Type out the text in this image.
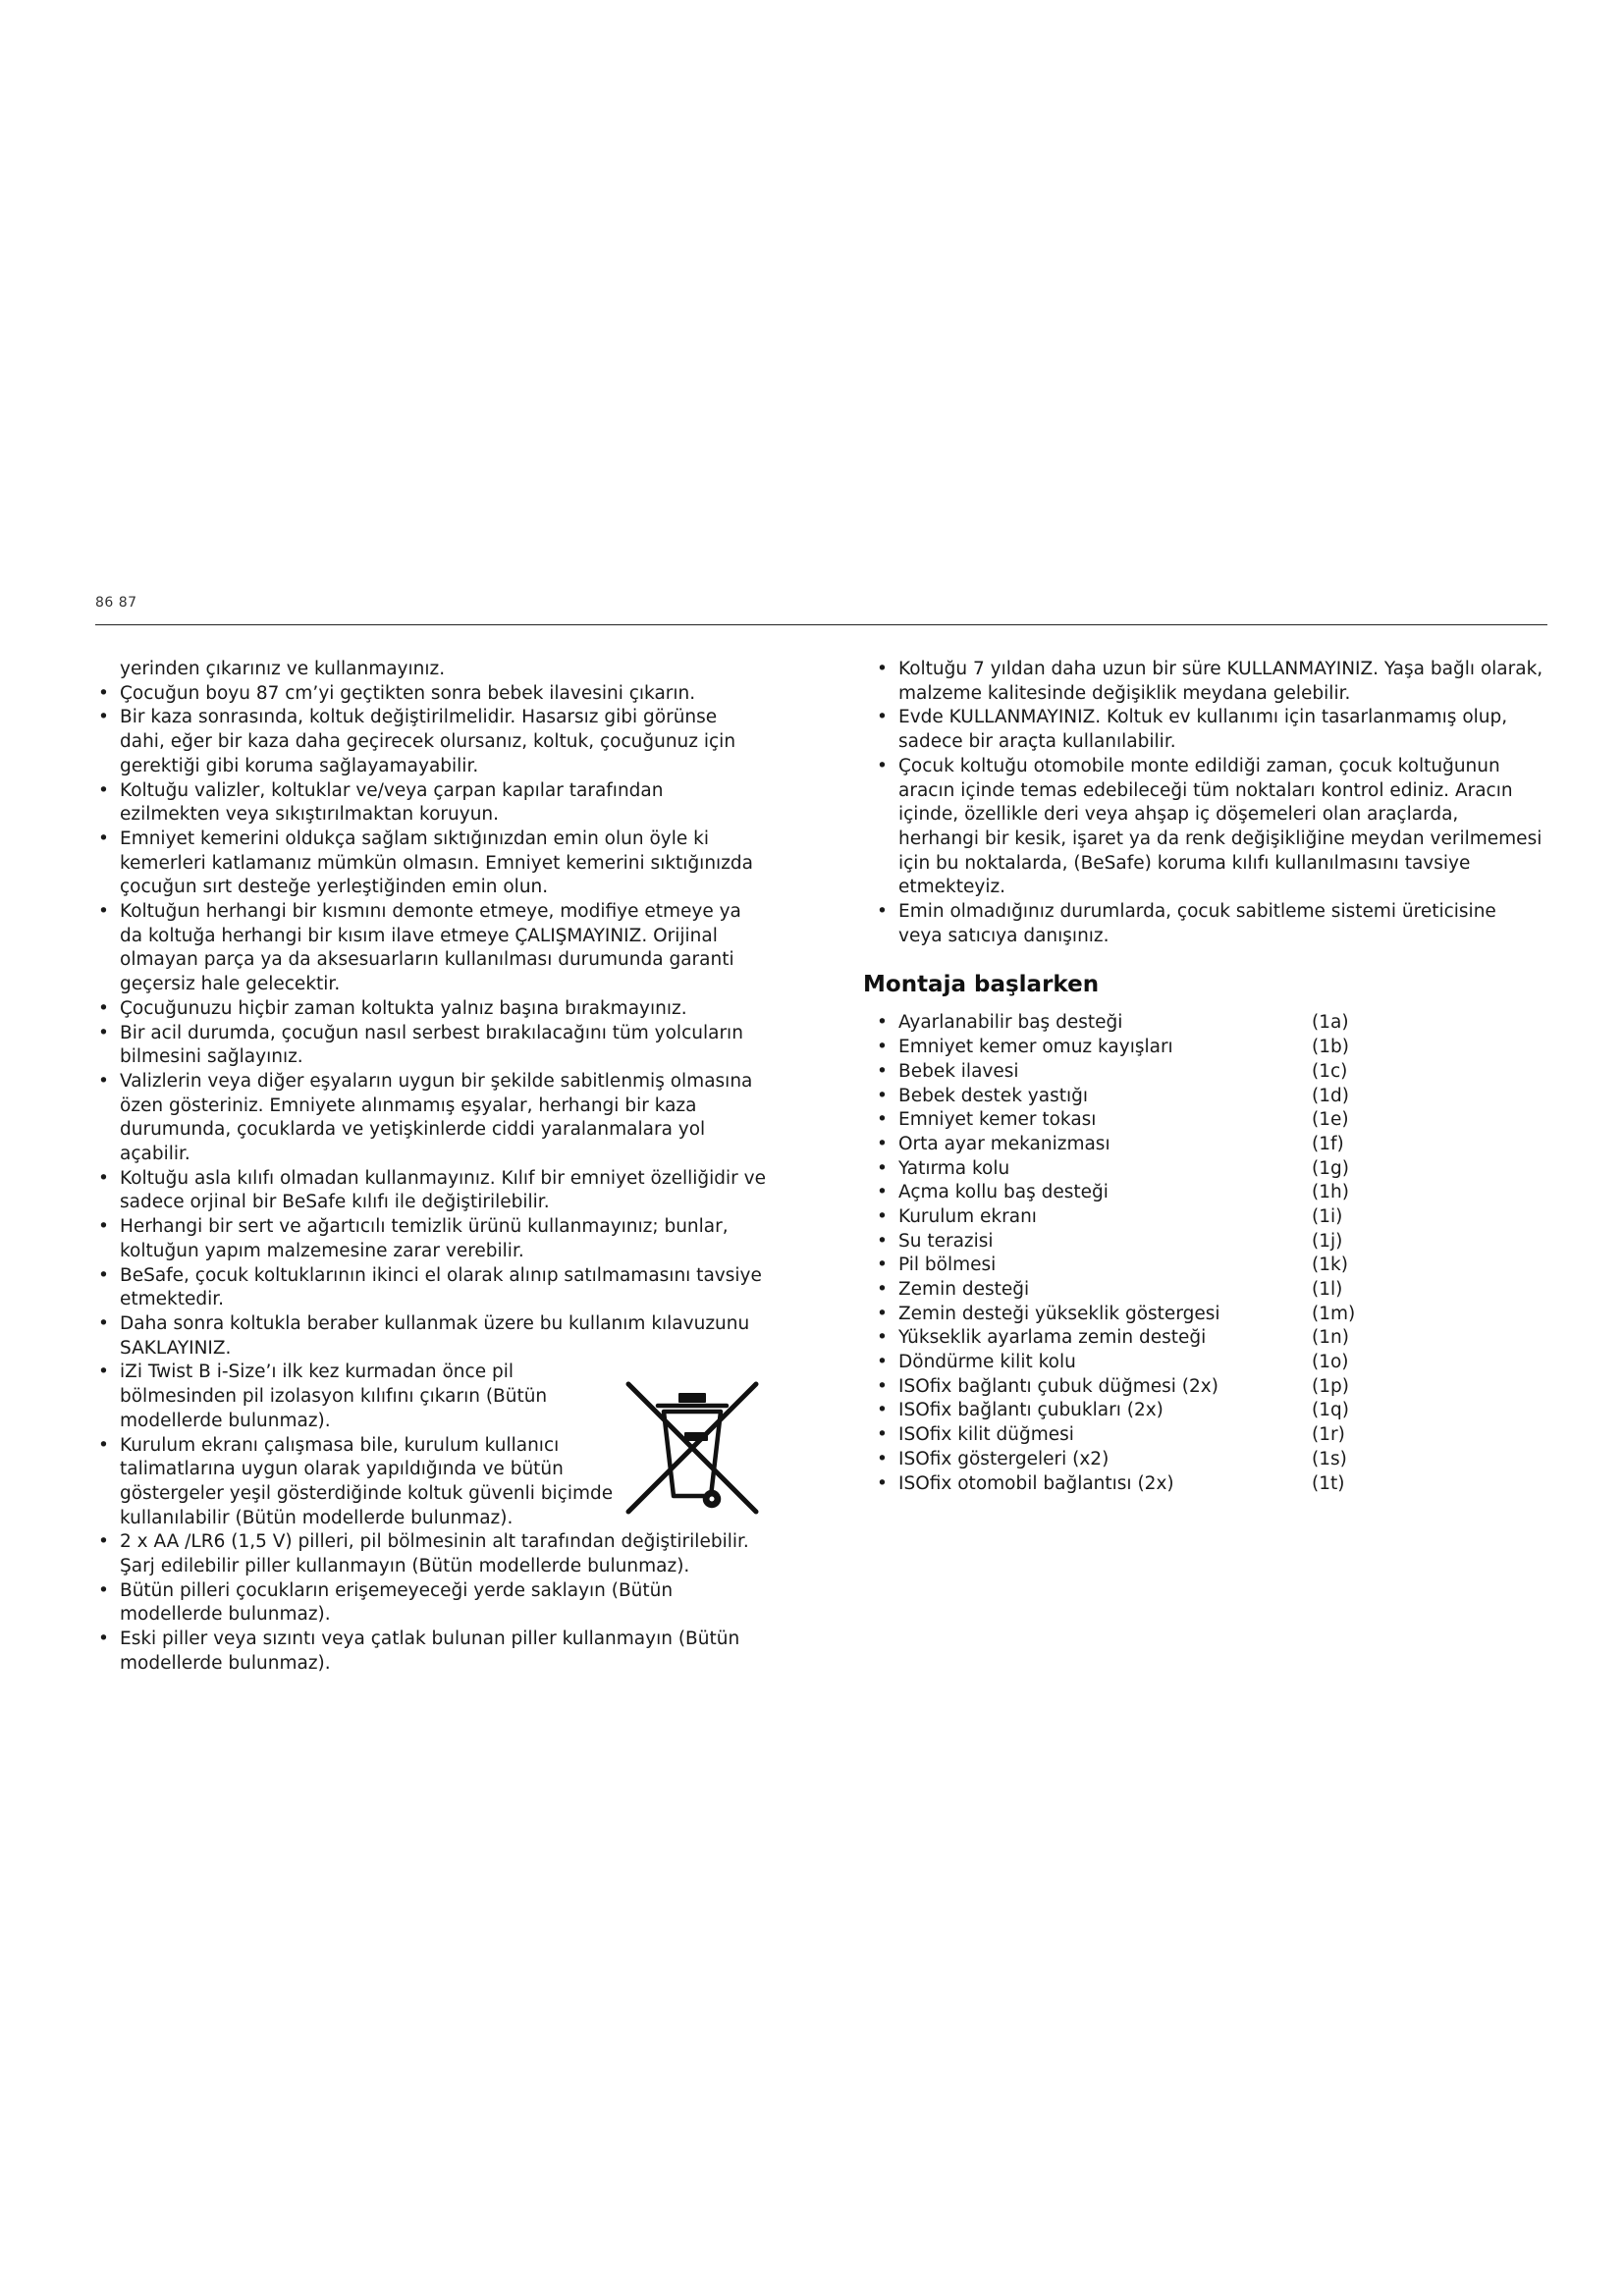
86 87

yerinden çıkarınız ve kullanmayınız.

• Çocuğun boyu 87 cm’yi geçtikten sonra bebek ilavesini çıkarın.

• Bir kaza sonrasında, koltuk değiştirilmelidir. Hasarsız gibi görünse dahi, eğer bir kaza daha geçirecek olursanız, koltuk, çocuğunuz için gerektiği gibi koruma sağlayamayabilir.

• Koltuğu valizler, koltuklar ve/veya çarpan kapılar tarafından ezilmekten veya sıkıştırılmaktan koruyun.

• Emniyet kemerini oldukça sağlam sıktığınızdan emin olun öyle ki kemerleri katlamanız mümkün olmasın. Emniyet kemerini sıktığınızda çocuğun sırt desteğe yerleştiğinden emin olun.

• Koltuğun herhangi bir kısmını demonte etmeye, modifiye etmeye ya da koltuğa herhangi bir kısım ilave etmeye ÇALIŞMAYINIZ. Orijinal olmayan parça ya da aksesuarların kullanılması durumunda garanti geçersiz hale gelecektir.

• Çocuğunuzu hiçbir zaman koltukta yalnız başına bırakmayınız.

• Bir acil durumda, çocuğun nasıl serbest bırakılacağını tüm yolcuların bilmesini sağlayınız.

• Valizlerin veya diğer eşyaların uygun bir şekilde sabitlenmiş olmasına özen gösteriniz. Emniyete alınmamış eşyalar, herhangi bir kaza durumunda, çocuklarda ve yetişkinlerde ciddi yaralanmalara yol açabilir.

• Koltuğu asla kılıfı olmadan kullanmayınız. Kılıf bir emniyet özelliğidir ve sadece orjinal bir BeSafe kılıfı ile değiştirilebilir.

• Herhangi bir sert ve ağartıcılı temizlik ürünü kullanmayınız; bunlar, koltuğun yapım malzemesine zarar verebilir.

• BeSafe, çocuk koltuklarının ikinci el olarak alınıp satılmamasını tavsiye etmektedir.

• Daha sonra koltukla beraber kullanmak üzere bu kullanım kılavuzunu SAKLAYINIZ.

• iZi Twist B i-Size’ı ilk kez kurmadan önce pil bölmesinden pil izolasyon kılıfını çıkarın (Bütün modellerde bulunmaz).

• Kurulum ekranı çalışmasa bile, kurulum kullanıcı talimatlarına uygun olarak yapıldığında ve bütün göstergeler yeşil gösterdiğinde koltuk güvenli biçimde kullanılabilir (Bütün modellerde bulunmaz).

• 2 x AA /LR6 (1,5 V) pilleri, pil bölmesinin alt tarafından değiştirilebilir. Şarj edilebilir piller kullanmayın (Bütün modellerde bulunmaz).

• Bütün pilleri çocukların erişemeyeceği yerde saklayın (Bütün modellerde bulunmaz).

• Eski piller veya sızıntı veya çatlak bulunan piller kullanmayın (Bütün modellerde bulunmaz).

• Koltuğu 7 yıldan daha uzun bir süre KULLANMAYINIZ. Yaşa bağlı olarak, malzeme kalitesinde değişiklik meydana gelebilir.

• Evde KULLANMAYINIZ. Koltuk ev kullanımı için tasarlanmamış olup, sadece bir araçta kullanılabilir.

• Çocuk koltuğu otomobile monte edildiği zaman, çocuk koltuğunun aracın içinde temas edebileceği tüm noktaları kontrol ediniz. Aracın içinde, özellikle deri veya ahşap iç döşemeleri olan araçlarda, herhangi bir kesik, işaret ya da renk değişikliğine meydan verilmemesi için bu noktalarda, (BeSafe) koruma kılıfı kullanılmasını tavsiye etmekteyiz.

• Emin olmadığınız durumlarda, çocuk sabitleme sistemi üreticisine veya satıcıya danışınız.

Montaja başlarken
• Ayarlanabilir baş desteği	(1a)
• Emniyet kemer omuz kayışları	(1b)
• Bebek ilavesi	(1c)
• Bebek destek yastığı	(1d)
• Emniyet kemer tokası	(1e)
• Orta ayar mekanizması	(1f)
• Yatırma kolu	(1g)
• Açma kollu baş desteği	(1h)
• Kurulum ekranı	(1i)
• Su terazisi	(1j)
• Pil bölmesi	(1k)
• Zemin desteği	(1l)
• Zemin desteği yükseklik göstergesi	(1m)
• Yükseklik ayarlama zemin desteği	(1n)
• Döndürme kilit kolu	(1o)
• ISOfix bağlantı çubuk düğmesi (2x)	(1p)
• ISOfix bağlantı çubukları (2x)	(1q)
• ISOfix kilit düğmesi	(1r)
• ISOfix göstergeleri (x2)	(1s)
• ISOfix otomobil bağlantısı (2x)	(1t)
